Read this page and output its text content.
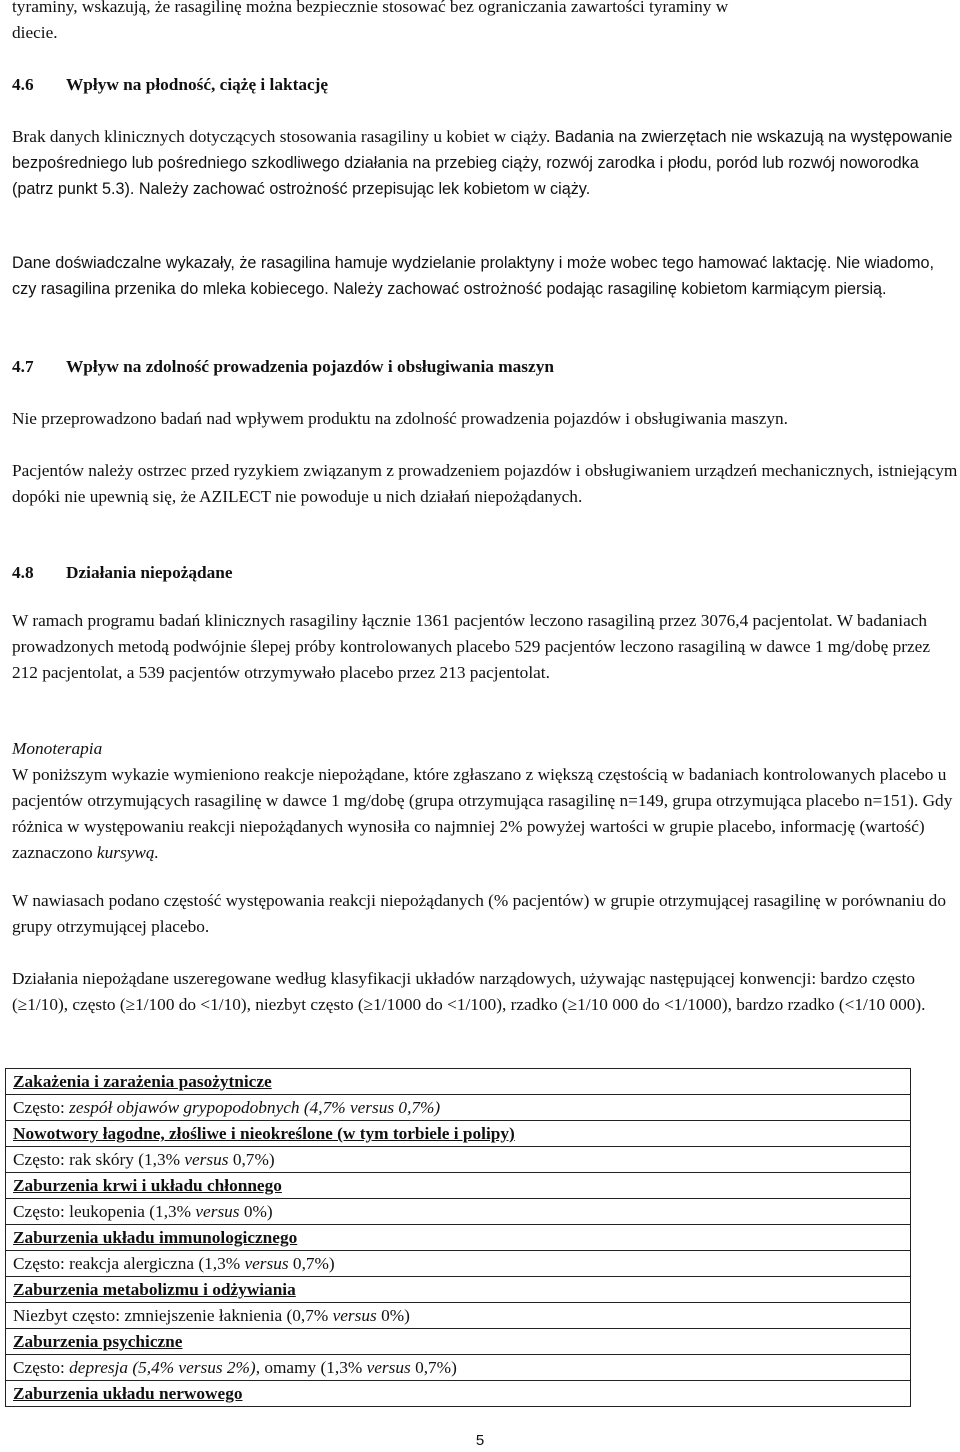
tyraminy, wskazują, że rasagilinę można bezpiecznie stosować bez ograniczania zawartości tyraminy w
diecie.

4.6 Wpływ na płodność, ciążę i laktację

Brak danych klinicznych dotyczących stosowania rasagiliny u kobiet w ciąży. Badania na zwierzętach nie wskazują na występowanie bezpośredniego lub pośredniego szkodliwego działania na przebieg ciąży, rozwój zarodka i płodu, poród lub rozwój noworodka (patrz punkt 5.3). Należy zachować ostrożność przepisując lek kobietom w ciąży.

Dane doświadczalne wykazały, że rasagilina hamuje wydzielanie prolaktyny i może wobec tego hamować laktację. Nie wiadomo, czy rasagilina przenika do mleka kobiecego. Należy zachować ostrożność podając rasagilinę kobietom karmiącym piersią.

4.7 Wpływ na zdolność prowadzenia pojazdów i obsługiwania maszyn

Nie przeprowadzono badań nad wpływem produktu na zdolność prowadzenia pojazdów i obsługiwania maszyn.

Pacjentów należy ostrzec przed ryzykiem związanym z prowadzeniem pojazdów i obsługiwaniem urządzeń mechanicznych, istniejącym dopóki nie upewnią się, że AZILECT nie powoduje u nich działań niepożądanych.

4.8 Działania niepożądane

W ramach programu badań klinicznych rasagiliny łącznie 1361 pacjentów leczono rasagiliną przez 3076,4 pacjentolat. W badaniach prowadzonych metodą podwójnie ślepej próby kontrolowanych placebo 529 pacjentów leczono rasagiliną w dawce 1 mg/dobę przez 212 pacjentolat, a 539 pacjentów otrzymywało placebo przez 213 pacjentolat.

Monoterapia

W poniższym wykazie wymieniono reakcje niepożądane, które zgłaszano z większą częstością w badaniach kontrolowanych placebo u pacjentów otrzymujących rasagilinę w dawce 1 mg/dobę (grupa otrzymująca rasagilinę n=149, grupa otrzymująca placebo n=151). Gdy różnica w występowaniu reakcji niepożądanych wynosiła co najmniej 2% powyżej wartości w grupie placebo, informację (wartość) zaznaczono kursywą.

W nawiasach podano częstość występowania reakcji niepożądanych (% pacjentów) w grupie otrzymującej rasagilinę w porównaniu do grupy otrzymującej placebo.

Działania niepożądane uszeregowane według klasyfikacji układów narządowych, używając następującej konwencji: bardzo często (≥1/10), często (≥1/100 do <1/10), niezbyt często (≥1/1000 do <1/100), rzadko (≥1/10 000 do <1/1000), bardzo rzadko (<1/10 000).

Zakażenia i zarażenia pasożytnicze
Często: zespół objawów grypopodobnych (4,7% versus 0,7%)
Nowotwory łagodne, złośliwe i nieokreślone (w tym torbiele i polipy)
Często: rak skóry (1,3% versus 0,7%)
Zaburzenia krwi i układu chłonnego
Często: leukopenia (1,3% versus 0%)
Zaburzenia układu immunologicznego
Często: reakcja alergiczna (1,3% versus 0,7%)
Zaburzenia metabolizmu i odżywiania
Niezbyt często: zmniejszenie łaknienia (0,7% versus 0%)
Zaburzenia psychiczne
Często: depresja (5,4% versus 2%), omamy (1,3% versus 0,7%)
Zaburzenia układu nerwowego
5
